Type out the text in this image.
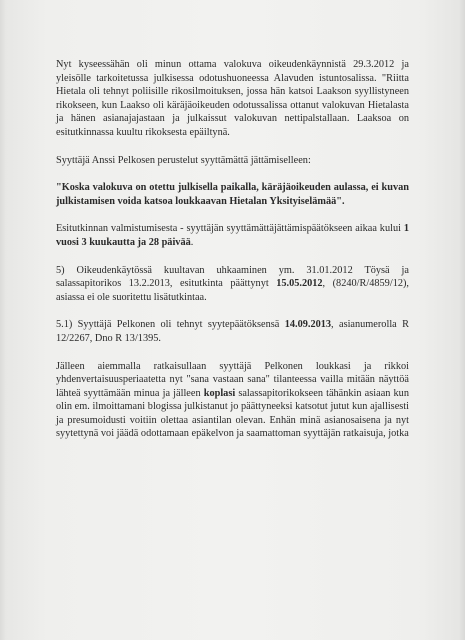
Nyt kyseessähän oli minun ottama valokuva oikeudenkäynnistä 29.3.2012 ja yleisölle tarkoitetussa julkisessa odotushuoneessa Alavuden istuntosalissa. "Riitta Hietala oli tehnyt poliisille rikosilmoituksen, jossa hän katsoi Laakson syyllistyneen rikokseen, kun Laakso oli käräjäoikeuden odotussalissa ottanut valokuvan Hietalasta ja hänen asianajajastaan ja julkaissut valokuvan nettipalstallaan. Laaksoa on esitutkinnassa kuultu rikoksesta epäiltynä.

Syyttäjä Anssi Pelkosen perustelut syyttämättä jättämiselleen:

"Koska valokuva on otettu julkisella paikalla, käräjäoikeuden aulassa, ei kuvan julkistamisen voida katsoa loukkaavan Hietalan Yksityiselämää".

Esitutkinnan valmistumisesta - syyttäjän syyttämättäjättämispäätökseen aikaa kului 1 vuosi 3 kuukautta ja 28 päivää.

5) Oikeudenkäytössä kuultavan uhkaaminen ym. 31.01.2012 Töysä ja salassapitorikos 13.2.2013, esitutkinta päättynyt 15.05.2012, (8240/R/4859/12), asiassa ei ole suoritettu lisätutkintaa.

5.1) Syyttäjä Pelkonen oli tehnyt syytepäätöksensä 14.09.2013, asianumerolla R 12/2267, Dno R 13/1395.

Jälleen aiemmalla ratkaisullaan syyttäjä Pelkonen loukkasi ja rikkoi yhdenvertaisuusperiaatetta nyt "sana vastaan sana" tilanteessa vailla mitään näyttöä lähteä syyttämään minua ja jälleen koplasi salassapitorikokseen tähänkin asiaan kun olin em. ilmoittamani blogissa julkistanut jo päättyneeksi katsotut jutut kun ajallisesti ja presumoidusti voitiin olettaa asiantilan olevan. Enhän minä asianosaisena ja nyt syytettynä voi jäädä odottamaan epäkelvon ja saamattoman syyttäjän ratkaisuja, jotka
